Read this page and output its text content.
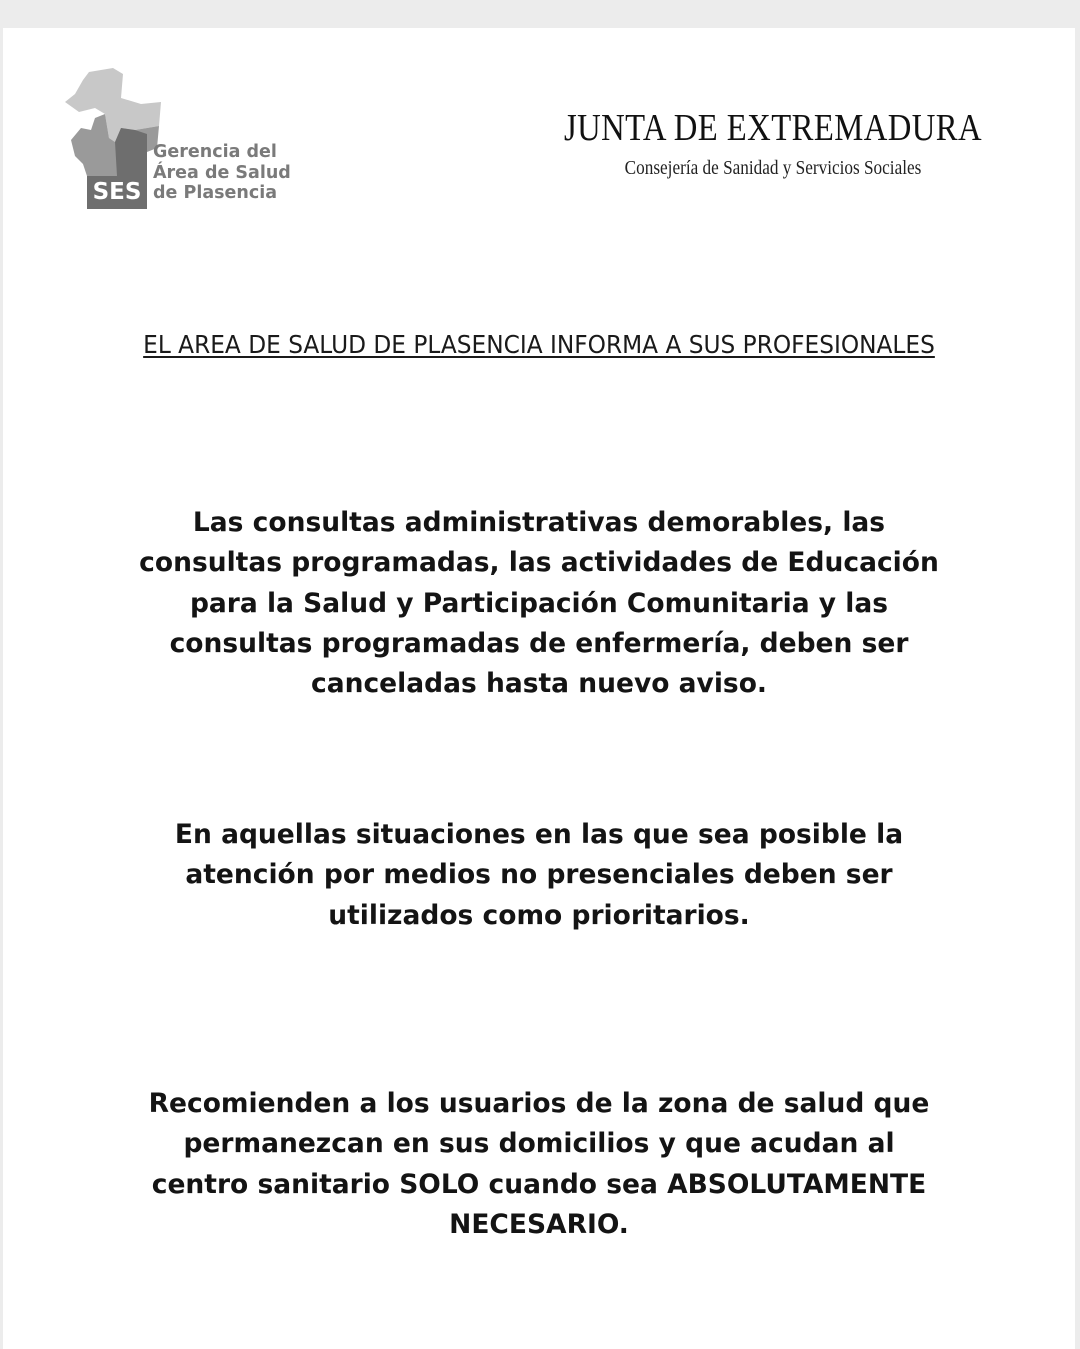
SES
Gerencia del
Área de Salud
de Plasencia
JUNTA DE EXTREMADURA
Consejería de Sanidad y Servicios Sociales
EL AREA DE SALUD DE PLASENCIA INFORMA A SUS PROFESIONALES

Las consultas administrativas demorables, las consultas programadas, las actividades de Educación para la Salud y Participación Comunitaria y las consultas programadas de enfermería, deben ser canceladas hasta nuevo aviso.

En aquellas situaciones en las que sea posible la atención por medios no presenciales deben ser utilizados como prioritarios.

Recomienden a los usuarios de la zona de salud que permanezcan en sus domicilios y que acudan al centro sanitario SOLO cuando sea ABSOLUTAMENTE NECESARIO.
